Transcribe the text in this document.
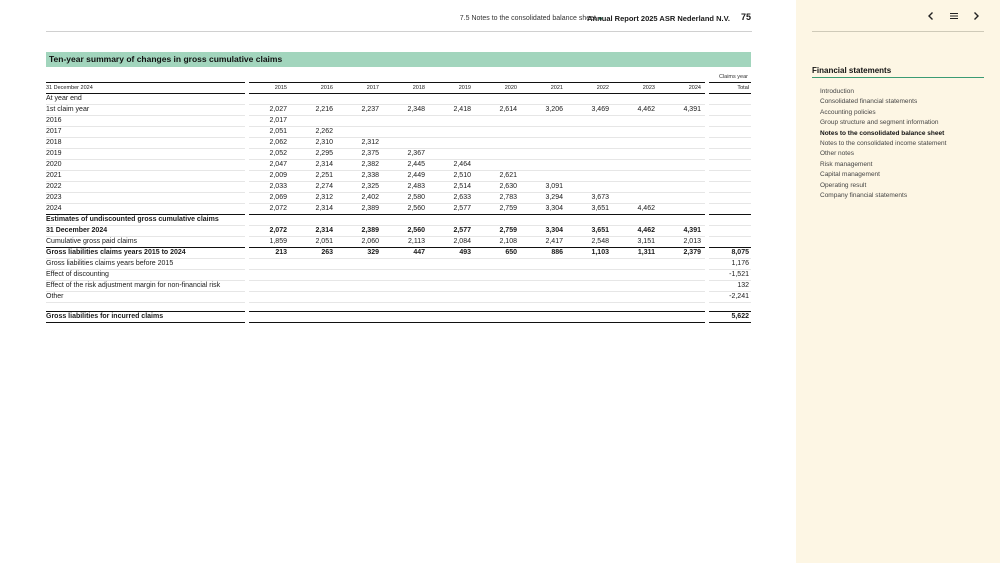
7.5 Notes to the consolidated balance sheet
Annual Report 2025 ASR Nederland N.V. 75
Ten-year summary of changes in gross cumulative claims
Claims year
31 December 2024		2015	2016	2017	2018	2019	2020	2021	2022	2023	2024		Total
At year end													
1st claim year		2,027	2,216	2,237	2,348	2,418	2,614	3,206	3,469	4,462	4,391		
2016		2,017											
2017		2,051	2,262										
2018		2,062	2,310	2,312									
2019		2,052	2,295	2,375	2,367								
2020		2,047	2,314	2,382	2,445	2,464							
2021		2,009	2,251	2,338	2,449	2,510	2,621						
2022		2,033	2,274	2,325	2,483	2,514	2,630	3,091					
2023		2,069	2,312	2,402	2,580	2,633	2,783	3,294	3,673				
2024		2,072	2,314	2,389	2,560	2,577	2,759	3,304	3,651	4,462			
Estimates of undiscounted gross cumulative claims													
31 December 2024		2,072	2,314	2,389	2,560	2,577	2,759	3,304	3,651	4,462	4,391		
Cumulative gross paid claims		1,859	2,051	2,060	2,113	2,084	2,108	2,417	2,548	3,151	2,013		
Gross liabilities claims years 2015 to 2024		213	263	329	447	493	650	886	1,103	1,311	2,379		8,075
Gross liabilities claims years before 2015													1,176
Effect of discounting													-1,521
Effect of the risk adjustment margin for non-financial risk													132
Other													-2,241

Gross liabilities for incurred claims													5,622
Financial statements
Introduction
Consolidated financial statements
Accounting policies
Group structure and segment information
Notes to the consolidated balance sheet
Notes to the consolidated income statement
Other notes
Risk management
Capital management
Operating result
Company financial statements
